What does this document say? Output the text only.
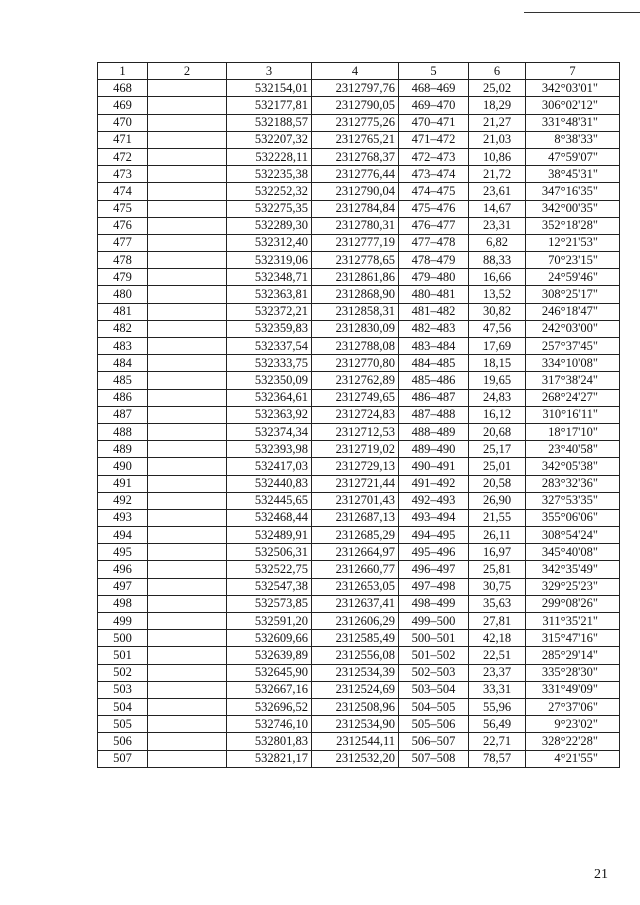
1	2	3	4	5	6	7
468		532154,01	2312797,76	468–469	25,02	342°03'01"
469		532177,81	2312790,05	469–470	18,29	306°02'12"
470		532188,57	2312775,26	470–471	21,27	331°48'31"
471		532207,32	2312765,21	471–472	21,03	8°38'33"
472		532228,11	2312768,37	472–473	10,86	47°59'07"
473		532235,38	2312776,44	473–474	21,72	38°45'31"
474		532252,32	2312790,04	474–475	23,61	347°16'35"
475		532275,35	2312784,84	475–476	14,67	342°00'35"
476		532289,30	2312780,31	476–477	23,31	352°18'28"
477		532312,40	2312777,19	477–478	6,82	12°21'53"
478		532319,06	2312778,65	478–479	88,33	70°23'15"
479		532348,71	2312861,86	479–480	16,66	24°59'46"
480		532363,81	2312868,90	480–481	13,52	308°25'17"
481		532372,21	2312858,31	481–482	30,82	246°18'47"
482		532359,83	2312830,09	482–483	47,56	242°03'00"
483		532337,54	2312788,08	483–484	17,69	257°37'45"
484		532333,75	2312770,80	484–485	18,15	334°10'08"
485		532350,09	2312762,89	485–486	19,65	317°38'24"
486		532364,61	2312749,65	486–487	24,83	268°24'27"
487		532363,92	2312724,83	487–488	16,12	310°16'11"
488		532374,34	2312712,53	488–489	20,68	18°17'10"
489		532393,98	2312719,02	489–490	25,17	23°40'58"
490		532417,03	2312729,13	490–491	25,01	342°05'38"
491		532440,83	2312721,44	491–492	20,58	283°32'36"
492		532445,65	2312701,43	492–493	26,90	327°53'35"
493		532468,44	2312687,13	493–494	21,55	355°06'06"
494		532489,91	2312685,29	494–495	26,11	308°54'24"
495		532506,31	2312664,97	495–496	16,97	345°40'08"
496		532522,75	2312660,77	496–497	25,81	342°35'49"
497		532547,38	2312653,05	497–498	30,75	329°25'23"
498		532573,85	2312637,41	498–499	35,63	299°08'26"
499		532591,20	2312606,29	499–500	27,81	311°35'21"
500		532609,66	2312585,49	500–501	42,18	315°47'16"
501		532639,89	2312556,08	501–502	22,51	285°29'14"
502		532645,90	2312534,39	502–503	23,37	335°28'30"
503		532667,16	2312524,69	503–504	33,31	331°49'09"
504		532696,52	2312508,96	504–505	55,96	27°37'06"
505		532746,10	2312534,90	505–506	56,49	9°23'02"
506		532801,83	2312544,11	506–507	22,71	328°22'28"
507		532821,17	2312532,20	507–508	78,57	4°21'55"
21
